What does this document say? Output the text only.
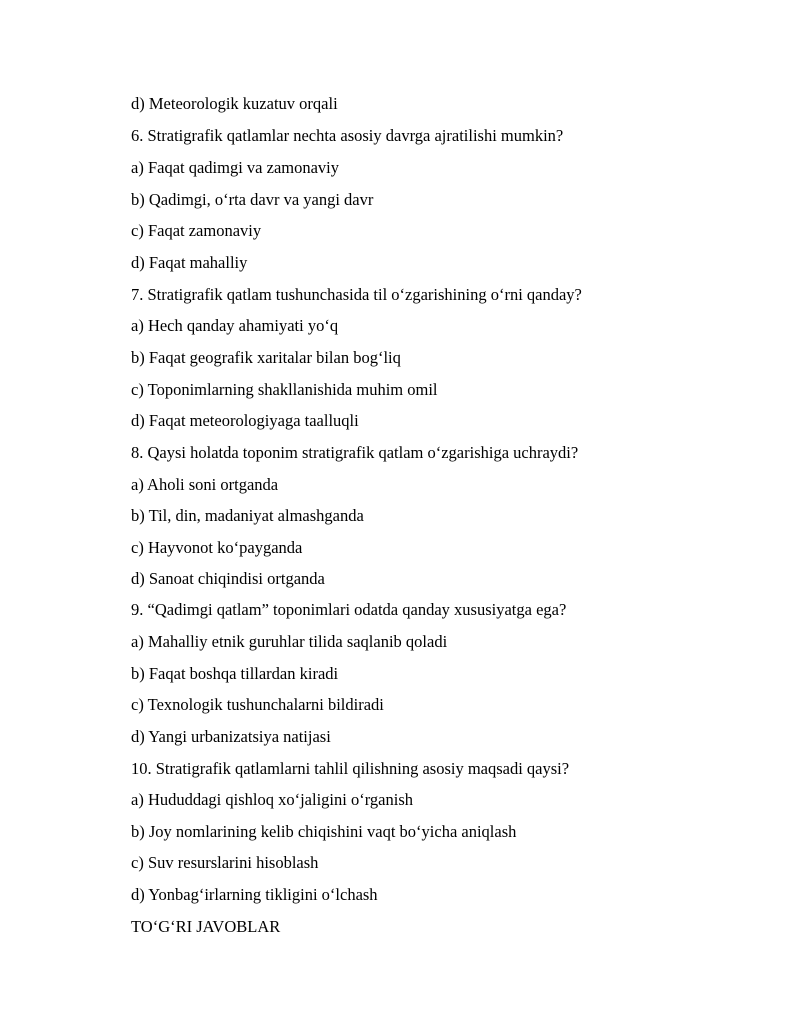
d) Meteorologik kuzatuv orqali
6. Stratigrafik qatlamlar nechta asosiy davrga ajratilishi mumkin?
a) Faqat qadimgi va zamonaviy
b) Qadimgi, o‘rta davr va yangi davr
c) Faqat zamonaviy
d) Faqat mahalliy
7. Stratigrafik qatlam tushunchasida til o‘zgarishining o‘rni qanday?
a) Hech qanday ahamiyati yo‘q
b) Faqat geografik xaritalar bilan bog‘liq
c) Toponimlarning shakllanishida muhim omil
d) Faqat meteorologiyaga taalluqli
8. Qaysi holatda toponim stratigrafik qatlam o‘zgarishiga uchraydi?
a) Aholi soni ortganda
b) Til, din, madaniyat almashganda
c) Hayvonot ko‘payganda
d) Sanoat chiqindisi ortganda
9. “Qadimgi qatlam” toponimlari odatda qanday xususiyatga ega?
a) Mahalliy etnik guruhlar tilida saqlanib qoladi
b) Faqat boshqa tillardan kiradi
c) Texnologik tushunchalarni bildiradi
d) Yangi urbanizatsiya natijasi
10. Stratigrafik qatlamlarni tahlil qilishning asosiy maqsadi qaysi?
a) Hududdagi qishloq xo‘jaligini o‘rganish
b) Joy nomlarining kelib chiqishini vaqt bo‘yicha aniqlash
c) Suv resurslarini hisoblash
d) Yonbag‘irlarning tikligini o‘lchash
TO‘G‘RI JAVOBLAR
